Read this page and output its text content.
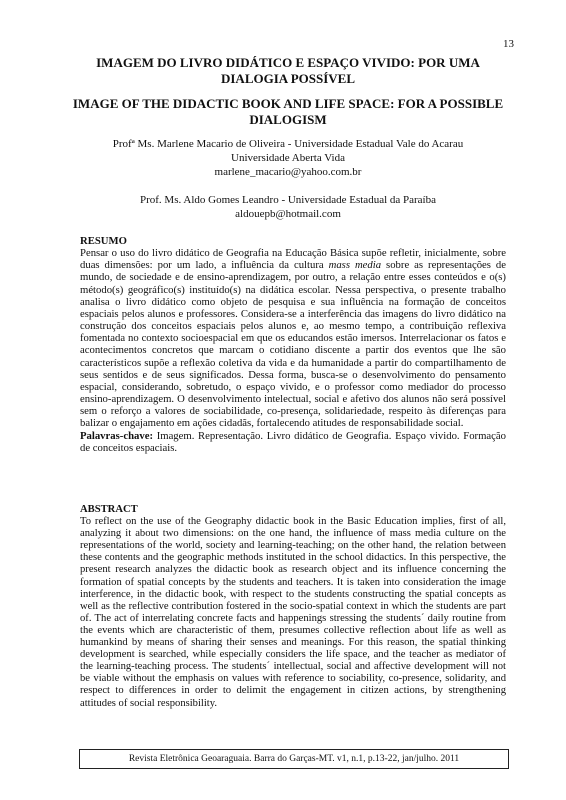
13
IMAGEM DO LIVRO DIDÁTICO E ESPAÇO VIVIDO: POR UMA DIALOGIA POSSÍVEL
IMAGE OF THE DIDACTIC BOOK AND LIFE SPACE: FOR A POSSIBLE DIALOGISM
Profª Ms. Marlene Macario de Oliveira - Universidade Estadual Vale do Acarau
Universidade Aberta Vida
marlene_macario@yahoo.com.br
Prof. Ms. Aldo Gomes Leandro - Universidade Estadual da Paraíba
aldouepb@hotmail.com
RESUMO
Pensar o uso do livro didático de Geografia na Educação Básica supõe refletir, inicialmente, sobre duas dimensões: por um lado, a influência da cultura mass media sobre as representações de mundo, de sociedade e de ensino-aprendizagem, por outro, a relação entre esses conteúdos e o(s) método(s) geográfico(s) instituído(s) na didática escolar. Nessa perspectiva, o presente trabalho analisa o livro didático como objeto de pesquisa e sua influência na formação de conceitos espaciais pelos alunos e professores. Considera-se a interferência das imagens do livro didático na construção dos conceitos espaciais pelos alunos e, ao mesmo tempo, a contribuição reflexiva fomentada no contexto socioespacial em que os educandos estão imersos. Interrelacionar os fatos e acontecimentos concretos que marcam o cotidiano discente a partir dos eventos que lhe são característicos supõe a reflexão coletiva da vida e da humanidade a partir do compartilhamento de seus sentidos e de seus significados. Dessa forma, busca-se o desenvolvimento do pensamento espacial, considerando, sobretudo, o espaço vivido, e o professor como mediador do processo ensino-aprendizagem. O desenvolvimento intelectual, social e afetivo dos alunos não será possível sem o reforço a valores de sociabilidade, co-presença, solidariedade, respeito às diferenças para balizar o engajamento em ações cidadãs, fortalecendo atitudes de responsabilidade social.
Palavras-chave: Imagem. Representação. Livro didático de Geografia. Espaço vivido. Formação de conceitos espaciais.
ABSTRACT
To reflect on the use of the Geography didactic book in the Basic Education implies, first of all, analyzing it about two dimensions: on the one hand, the influence of mass media culture on the representations of the world, society and learning-teaching; on the other hand, the relation between these contents and the geographic methods instituted in the school didactics. In this perspective, the present research analyzes the didactic book as research object and its influence concerning the formation of spatial concepts by the students and teachers. It is taken into consideration the image interference, in the didactic book, with respect to the students constructing the spatial concepts as well as the reflective contribution fostered in the socio-spatial context in which the students are part of. The act of interrelating concrete facts and happenings stressing the students´ daily routine from the events which are characteristic of them, presumes collective reflection about life as well as humankind by means of sharing their senses and meanings. For this reason, the spatial thinking development is searched, while especially considers the life space, and the teacher as mediator of the learning-teaching process. The students´ intellectual, social and affective development will not be viable without the emphasis on values with reference to sociability, co-presence, solidarity, and respect to differences in order to delimit the engagement in citizen actions, by strengthening attitudes of social responsibility.
Revista Eletrônica Geoaraguaia. Barra do Garças-MT. v1, n.1, p.13-22, jan/julho. 2011
